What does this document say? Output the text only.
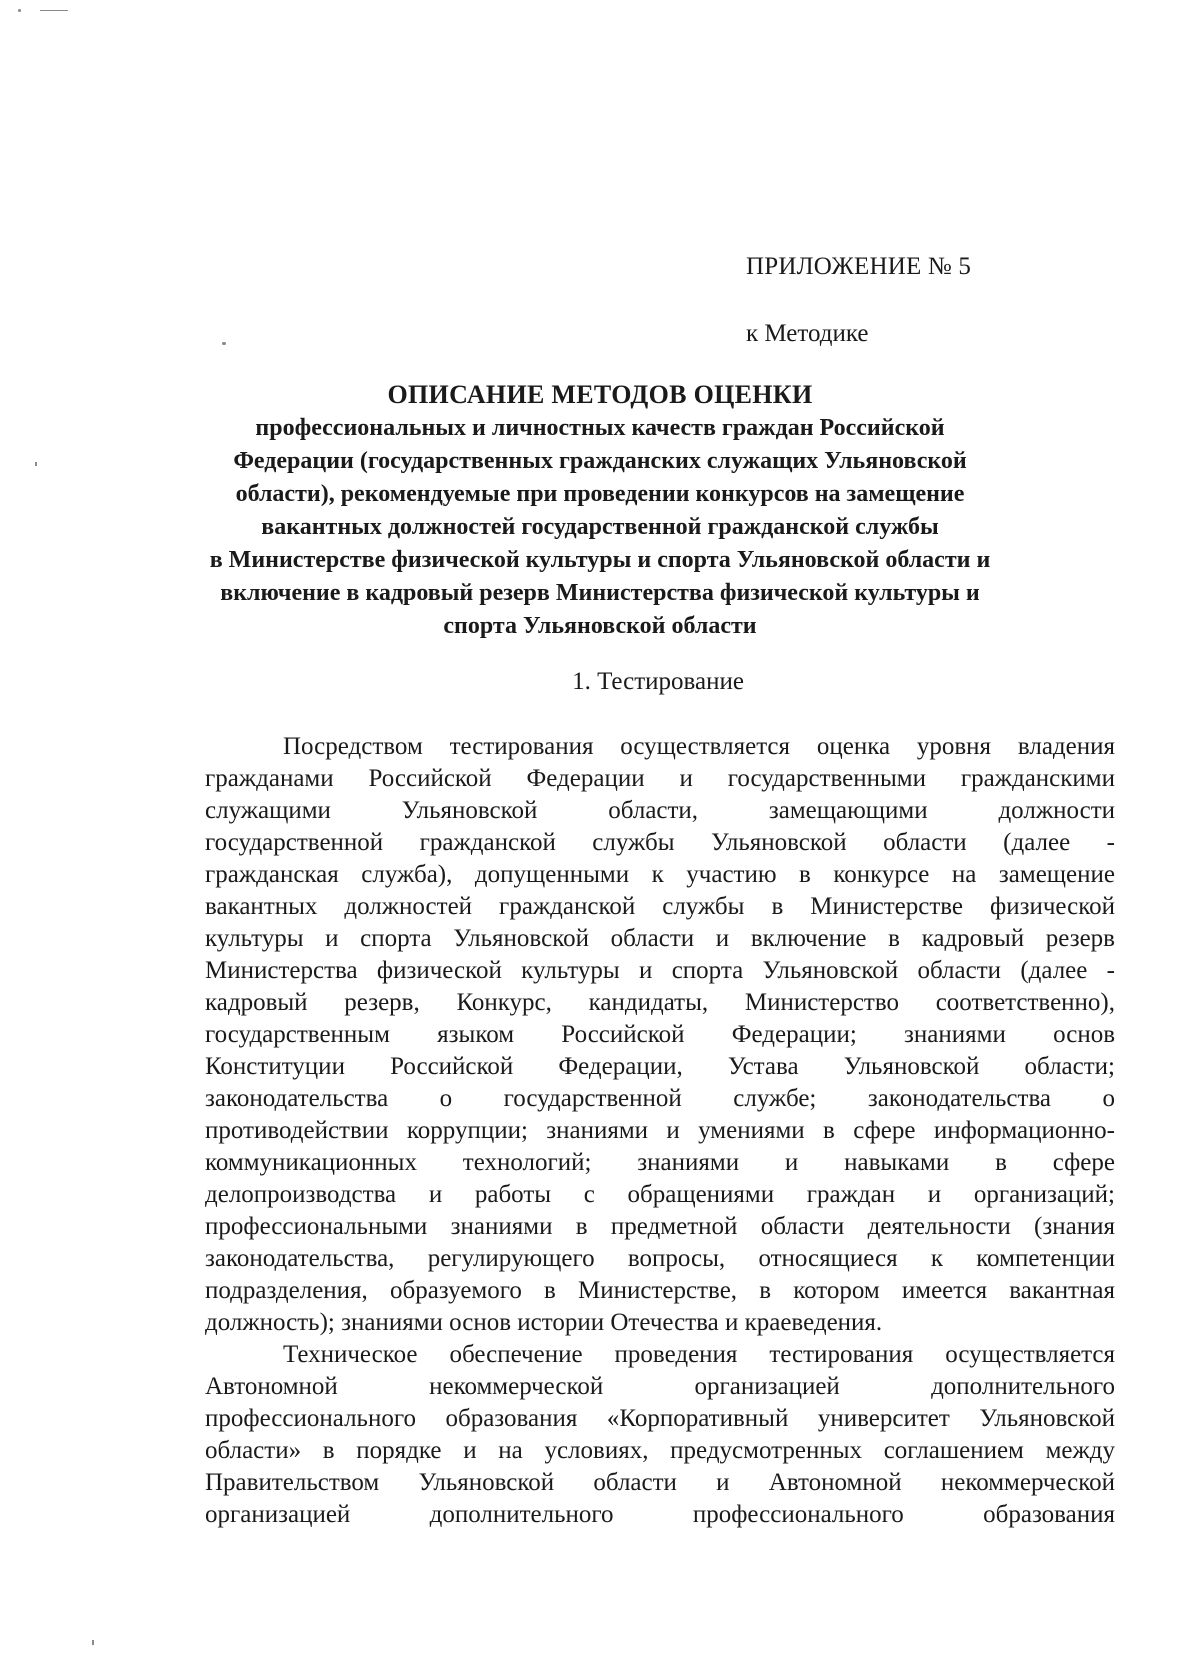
ПРИЛОЖЕНИЕ № 5
к Методике
ОПИСАНИЕ МЕТОДОВ ОЦЕНКИ
профессиональных и личностных качеств граждан Российской
Федерации (государственных гражданских служащих Ульяновской
области), рекомендуемые при проведении конкурсов на замещение
вакантных должностей государственной гражданской службы
в Министерстве физической культуры и спорта Ульяновской области и
включение в кадровый резерв Министерства физической культуры и
спорта Ульяновской области
1. Тестирование
Посредством тестирования осуществляется оценка уровня владения
гражданами Российской Федерации и государственными гражданскими
служащими Ульяновской области, замещающими должности
государственной гражданской службы Ульяновской области (далее -
гражданская служба), допущенными к участию в конкурсе на замещение
вакантных должностей гражданской службы в Министерстве физической
культуры и спорта Ульяновской области и включение в кадровый резерв
Министерства физической культуры и спорта Ульяновской области (далее -
кадровый резерв, Конкурс, кандидаты, Министерство соответственно),
государственным языком Российской Федерации; знаниями основ
Конституции Российской Федерации, Устава Ульяновской области;
законодательства о государственной службе; законодательства о
противодействии коррупции; знаниями и умениями в сфере информационно-
коммуникационных технологий; знаниями и навыками в сфере
делопроизводства и работы с обращениями граждан и организаций;
профессиональными знаниями в предметной области деятельности (знания
законодательства, регулирующего вопросы, относящиеся к компетенции
подразделения, образуемого в Министерстве, в котором имеется вакантная
должность); знаниями основ истории Отечества и краеведения.
Техническое обеспечение проведения тестирования осуществляется
Автономной некоммерческой организацией дополнительного
профессионального образования «Корпоративный университет Ульяновской
области» в порядке и на условиях, предусмотренных соглашением между
Правительством Ульяновской области и Автономной некоммерческой
организацией дополнительного профессионального образования
